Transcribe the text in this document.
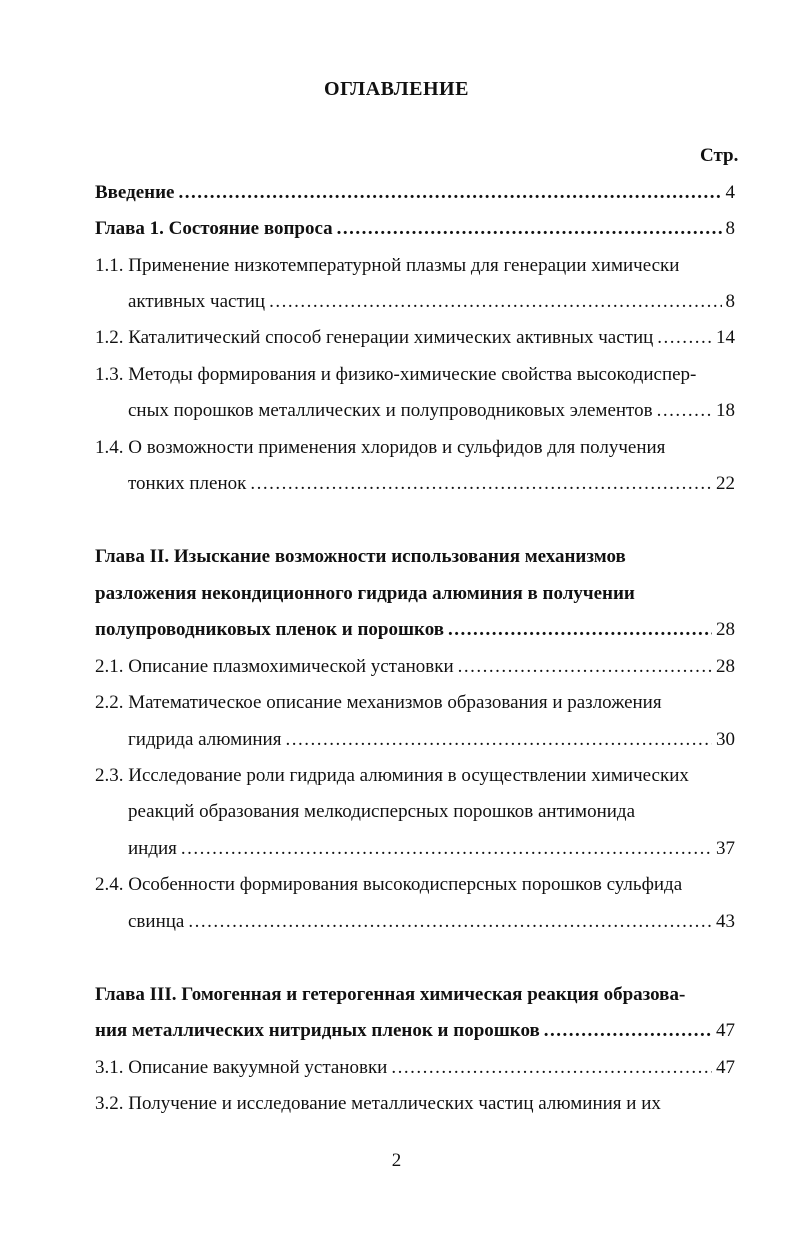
ОГЛАВЛЕНИЕ
Стр.
Введение .....	4
Глава 1. Состояние вопроса .....	8
1.1. Применение низкотемпературной плазмы для генерации химически
активных частиц .....	8
1.2. Каталитический способ генерации химических активных частиц .....	14
1.3. Методы формирования и физико-химические свойства высокодиспер-
сных порошков металлических и полупроводниковых элементов .....	18
1.4. О возможности применения хлоридов и сульфидов для получения
тонких пленок .....	22
Глава II. Изыскание возможности использования механизмов
разложения некондиционного гидрида алюминия в получении
полупроводниковых пленок и порошков .....	28
2.1. Описание плазмохимической установки .....	28
2.2. Математическое описание механизмов образования и разложения
гидрида алюминия .....	30
2.3. Исследование роли гидрида алюминия в осуществлении химических
реакций образования мелкодисперсных порошков антимонида
индия .....	37
2.4. Особенности формирования высокодисперсных порошков сульфида
свинца .....	43
Глава III. Гомогенная и гетерогенная химическая реакция образова-
ния металлических нитридных пленок и порошков .....	47
3.1. Описание вакуумной установки .....	47
3.2. Получение и исследование металлических частиц алюминия и их
2
